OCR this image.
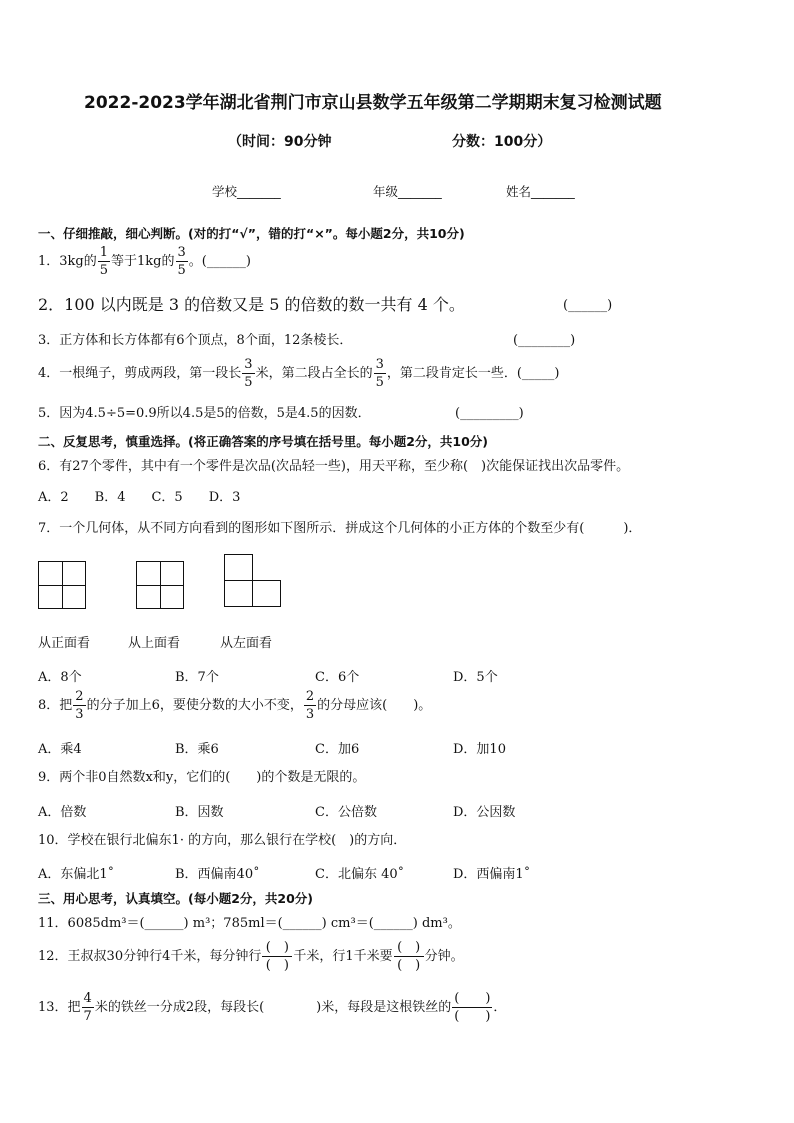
2022-2023学年湖北省荆门市京山县数学五年级第二学期期末复习检测试题
（时间：90分钟	分数：100分）
学校_______	年级_______	姓名_______
一、仔细推敲，细心判断。(对的打“√”，错的打“×”。每小题2分，共10分)
1．3kg的 $\frac{1}{5}$ 等于1kg的 $\frac{3}{5}$ 。(______)
2．100 以内既是 3 的倍数又是 5 的倍数的数一共有 4 个。	(______)
3．正方体和长方体都有6个顶点，8个面，12条棱长．	(________)
4．一根绳子，剪成两段，第一段长 $\frac{3}{5}$ 米，第二段占全长的 $\frac{3}{5}$ ，第二段肯定长一些．(_____)
5．因为4.5÷5=0.9所以4.5是5的倍数，5是4.5的因数．	(_________)
二、反复思考，慎重选择。(将正确答案的序号填在括号里。每小题2分，共10分)
6．有27个零件，其中有一个零件是次品(次品轻一些)，用天平称，至少称(　)次能保证找出次品零件。
A．2　　B．4　　C．5　　D．3
7．一个几何体，从不同方向看到的图形如下图所示．拼成这个几何体的小正方体的个数至少有(　　　)．
从正面看	从上面看	从左面看
A．8个	B．7个	C．6个	D．5个
8．把 $\frac{2}{3}$ 的分子加上6，要使分数的大小不变， $\frac{2}{3}$ 的分母应该(　　)。
A．乘4	B．乘6	C．加6	D．加10
9．两个非0自然数x和y，它们的(　　)的个数是无限的。
A．倍数	B．因数	C．公倍数	D．公因数
10．学校在银行北偏东1· 的方向，那么银行在学校(　)的方向．
A．东偏北1˚	B．西偏南40˚	C．北偏东 40˚	D．西偏南1˚
三、用心思考，认真填空。(每小题2分，共20分)
11．6085dm³＝(______) m³；785ml＝(______) cm³＝(______) dm³。
12．王叔叔30分钟行4千米，每分钟行 $\frac{( )}{( )}$ 千米，行1千米要 $\frac{( )}{( )}$ 分钟。
13．把 $\frac{4}{7}$ 米的铁丝一分成2段，每段长(　　　　)米，每段是这根铁丝的 $\frac{( )}{( )}$ ．
